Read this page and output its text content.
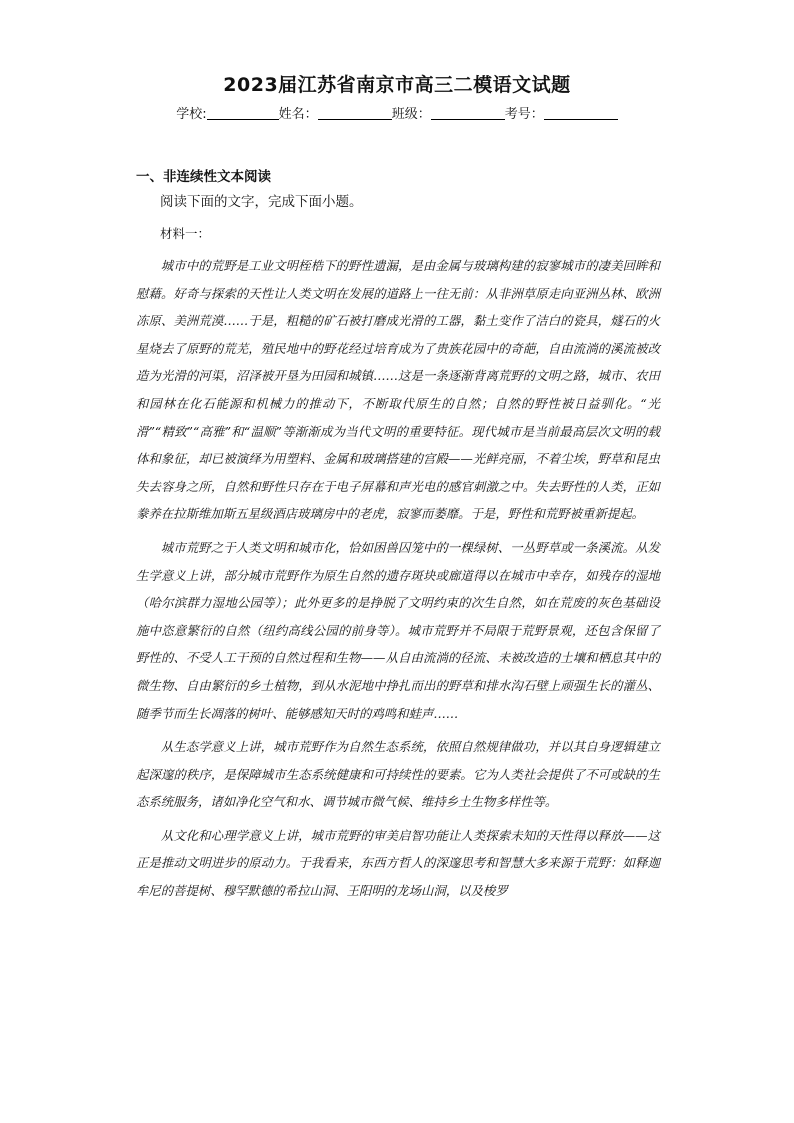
2023届江苏省南京市高三二模语文试题
学校:	姓名：	班级：	考号：
一、非连续性文本阅读
阅读下面的文字，完成下面小题。
材料一：

城市中的荒野是工业文明桎梏下的野性遗漏，是由金属与玻璃构建的寂寥城市的凄美回眸和慰藉。好奇与探索的天性让人类文明在发展的道路上一往无前：从非洲草原走向亚洲丛林、欧洲冻原、美洲荒漠……于是，粗糙的矿石被打磨成光滑的工器，黏土变作了洁白的瓷具，燧石的火星烧去了原野的荒芜，殖民地中的野花经过培育成为了贵族花园中的奇葩，自由流淌的溪流被改造为光滑的河渠，沼泽被开垦为田园和城镇……这是一条逐渐背离荒野的文明之路，城市、农田和园林在化石能源和机械力的推动下，不断取代原生的自然；自然的野性被日益驯化。“光滑”“精致”“高雅”和“温顺”等渐渐成为当代文明的重要特征。现代城市是当前最高层次文明的载体和象征，却已被演绎为用塑料、金属和玻璃搭建的宫殿——光鲜亮丽，不着尘埃，野草和昆虫失去容身之所，自然和野性只存在于电子屏幕和声光电的感官刺激之中。失去野性的人类，正如豢养在拉斯维加斯五星级酒店玻璃房中的老虎，寂寥而萎靡。于是，野性和荒野被重新提起。

城市荒野之于人类文明和城市化，恰如困兽囚笼中的一棵绿树、一丛野草或一条溪流。从发生学意义上讲，部分城市荒野作为原生自然的遗存斑块或廊道得以在城市中幸存，如残存的湿地（哈尔滨群力湿地公园等）；此外更多的是挣脱了文明约束的次生自然，如在荒废的灰色基础设施中恣意繁衍的自然（纽约高线公园的前身等）。城市荒野并不局限于荒野景观，还包含保留了野性的、不受人工干预的自然过程和生物——从自由流淌的径流、未被改造的土壤和栖息其中的微生物、自由繁衍的乡土植物，到从水泥地中挣扎而出的野草和排水沟石壁上顽强生长的灌丛、随季节而生长凋落的树叶、能够感知天时的鸡鸣和蛙声……

从生态学意义上讲，城市荒野作为自然生态系统，依照自然规律做功，并以其自身逻辑建立起深邃的秩序，是保障城市生态系统健康和可持续性的要素。它为人类社会提供了不可或缺的生态系统服务，诸如净化空气和水、调节城市微气候、维持乡土生物多样性等。

从文化和心理学意义上讲，城市荒野的审美启智功能让人类探索未知的天性得以释放——这正是推动文明进步的原动力。于我看来，东西方哲人的深邃思考和智慧大多来源于荒野：如释迦牟尼的菩提树、穆罕默德的希拉山洞、王阳明的龙场山洞，以及梭罗
